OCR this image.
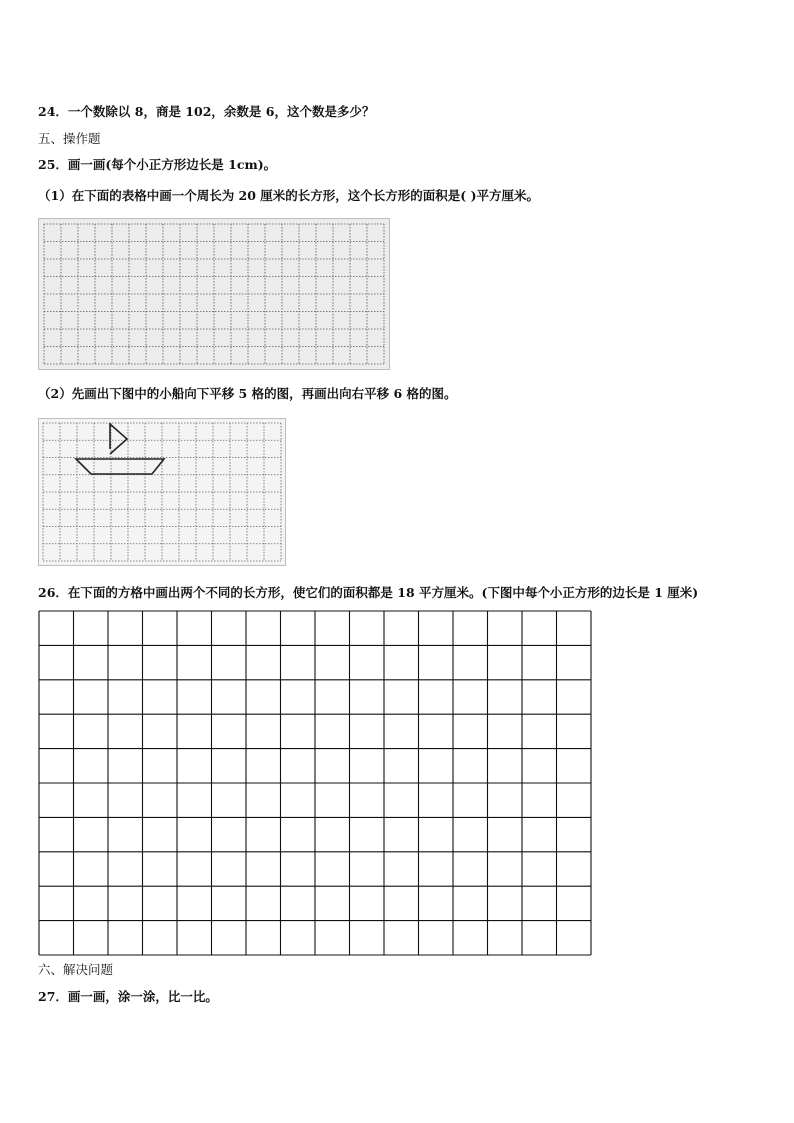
24．一个数除以 8，商是 102，余数是 6，这个数是多少？
五、操作题
25．画一画(每个小正方形边长是 1cm)。
（1）在下面的表格中画一个周长为 20 厘米的长方形，这个长方形的面积是( )平方厘米。
（2）先画出下图中的小船向下平移 5 格的图，再画出向右平移 6 格的图。
26．在下面的方格中画出两个不同的长方形，使它们的面积都是 18 平方厘米。(下图中每个小正方形的边长是 1 厘米)
六、解决问题
27．画一画，涂一涂，比一比。
